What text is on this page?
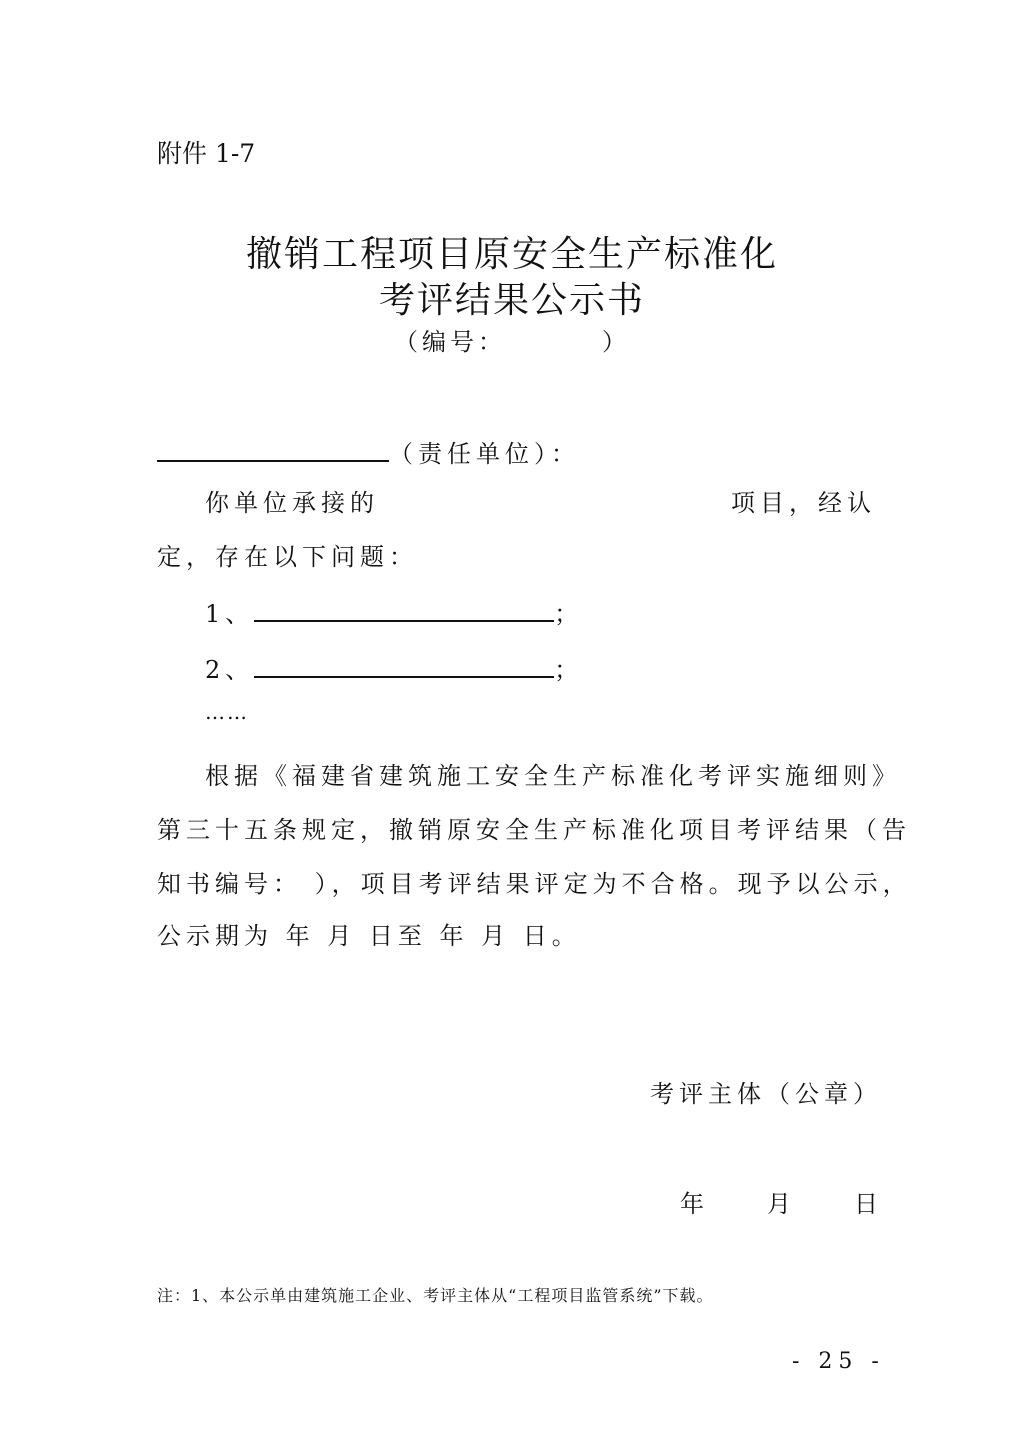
附件 1-7
撤销工程项目原安全生产标准化
考评结果公示书
（编号：	）
（责任单位）：
你单位承接的	项目，经认
定，存在以下问题：
1、	；
2、	；
……
根据《福建省建筑施工安全生产标准化考评实施细则》
第三十五条规定，撤销原安全生产标准化项目考评结果（告
知书编号： ），项目考评结果评定为不合格。现予以公示，
公示期为 年 月 日至 年 月 日。
考评主体（公章）
年 月 日
注：1、本公示单由建筑施工企业、考评主体从“工程项目监管系统”下载。
- 25 -
